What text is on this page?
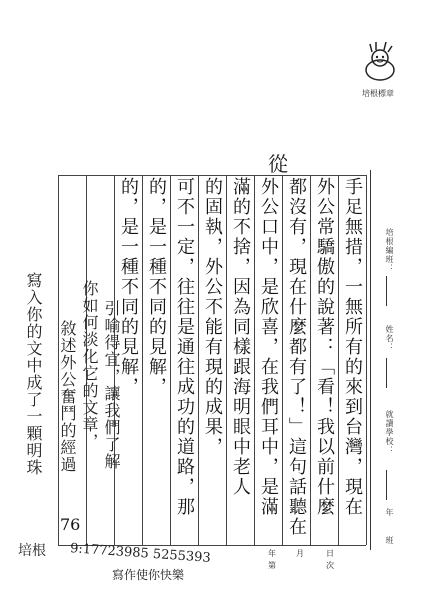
培根標章
培根編班：
姓名：
就讀學校：
年
班
年	月	日
第	次
從
手足無措，一無所有的來到台灣，現在
外公常驕傲的說著：「看！我以前什麼
都沒有，現在什麼都有了！」這句話聽在
外公口中，是欣喜，在我們耳中，是滿
滿的不捨，因為同樣跟海明眼中老人
的固執，外公不能有現的成果，
可不一定，往往是通往成功的道路，那
的，是一種不同的見解，
的，是一種不同的見解，
引喻得宜，讓我們了解
你如何淡化它的文章，
敘述外公奮鬥的經過
寫入你的文中成了一顆明珠
76
培根 9:17723985 5255393
寫作使你快樂
